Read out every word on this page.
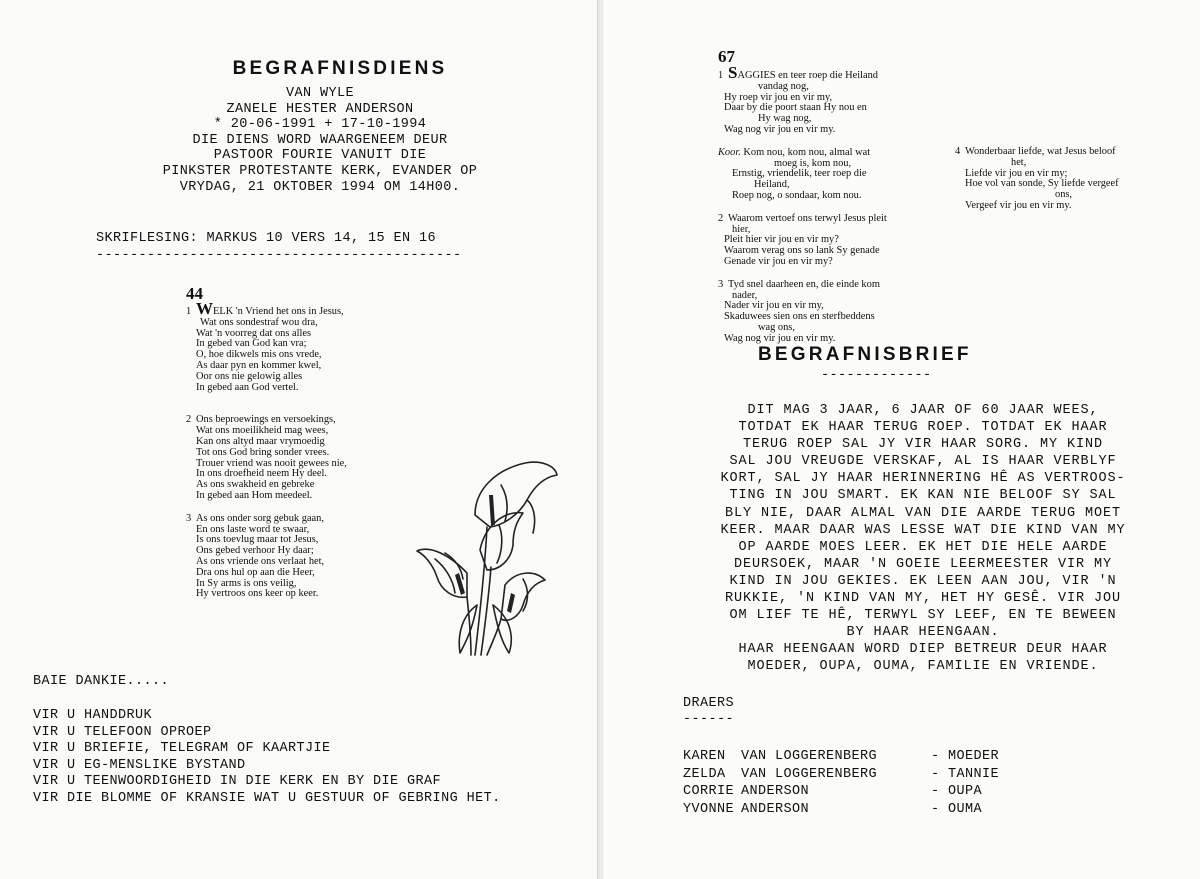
BEGRAFNISDIENS
VAN WYLE
ZANELE HESTER ANDERSON
* 20-06-1991 + 17-10-1994
DIE DIENS WORD WAARGENEEM DEUR
PASTOOR FOURIE VANUIT DIE
PINKSTER PROTESTANTE KERK, EVANDER OP
VRYDAG, 21 OKTOBER 1994 OM 14H00.
SKRIFLESING: MARKUS 10 VERS 14, 15 EN 16
-------------------------------------------
44
1 WELK 'n Vriend het ons in Jesus,
Wat ons sondestraf wou dra,
Wat 'n voorreg dat ons alles
In gebed van God kan vra;
O, hoe dikwels mis ons vrede,
As daar pyn en kommer kwel,
Oor ons nie gelowig alles
In gebed aan God vertel.
2 Ons beproewings en versoekings,
Wat ons moeilikheid mag wees,
Kan ons altyd maar vrymoedig
Tot ons God bring sonder vrees.
Trouer vriend was nooit gewees nie,
In ons droefheid neem Hy deel.
As ons swakheid en gebreke
In gebed aan Hom meedeel.
3 As ons onder sorg gebuk gaan,
En ons laste word te swaar,
Is ons toevlug maar tot Jesus,
Ons gebed verhoor Hy daar;
As ons vriende ons verlaat het,
Dra ons hul op aan die Heer,
In Sy arms is ons veilig,
Hy vertroos ons keer op keer.
BAIE DANKIE.....
VIR U HANDDRUK
VIR U TELEFOON OPROEP
VIR U BRIEFIE, TELEGRAM OF KAARTJIE
VIR U EG-MENSLIKE BYSTAND
VIR U TEENWOORDIGHEID IN DIE KERK EN BY DIE GRAF
VIR DIE BLOMME OF KRANSIE WAT U GESTUUR OF GEBRING HET.
67
1 SAGGIES en teer roep die Heiland
vandag nog,
Hy roep vir jou en vir my,
Daar by die poort staan Hy nou en
Hy wag nog,
Wag nog vir jou en vir my.
Koor. Kom nou, kom nou, almal wat
moeg is, kom nou,
Ernstig, vriendelik, teer roep die
Heiland,
Roep nog, o sondaar, kom nou.
2 Waarom vertoef ons terwyl Jesus pleit
hier,
Pleit hier vir jou en vir my?
Waarom verag ons so lank Sy genade
Genade vir jou en vir my?
3 Tyd snel daarheen en, die einde kom
nader,
Nader vir jou en vir my,
Skaduwees sien ons en sterfbeddens
wag ons,
Wag nog vir jou en vir my.
4 Wonderbaar liefde, wat Jesus beloof
het,
Liefde vir jou en vir my;
Hoe vol van sonde, Sy liefde vergeef
ons,
Vergeef vir jou en vir my.
BEGRAFNISBRIEF
-------------
DIT MAG 3 JAAR, 6 JAAR OF 60 JAAR WEES,
TOTDAT EK HAAR TERUG ROEP. TOTDAT EK HAAR
TERUG ROEP SAL JY VIR HAAR SORG. MY KIND
SAL JOU VREUGDE VERSKAF, AL IS HAAR VERBLYF
KORT, SAL JY HAAR HERINNERING HÊ AS VERTROOS-
TING IN JOU SMART. EK KAN NIE BELOOF SY SAL
BLY NIE, DAAR ALMAL VAN DIE AARDE TERUG MOET
KEER. MAAR DAAR WAS LESSE WAT DIE KIND VAN MY
OP AARDE MOES LEER. EK HET DIE HELE AARDE
DEURSOEK, MAAR 'N GOEIE LEERMEESTER VIR MY
KIND IN JOU GEKIES. EK LEEN AAN JOU, VIR 'N
RUKKIE, 'N KIND VAN MY, HET HY GESÊ. VIR JOU
OM LIEF TE HÊ, TERWYL SY LEEF, EN TE BEWEEN
BY HAAR HEENGAAN.
HAAR HEENGAAN WORD DIEP BETREUR DEUR HAAR
MOEDER, OUPA, OUMA, FAMILIE EN VRIENDE.
DRAERS
------
KAREN VAN LOGGERENBERG	- MOEDER
ZELDA VAN LOGGERENBERG	- TANNIE
CORRIE ANDERSON	- OUPA
YVONNE ANDERSON	- OUMA
